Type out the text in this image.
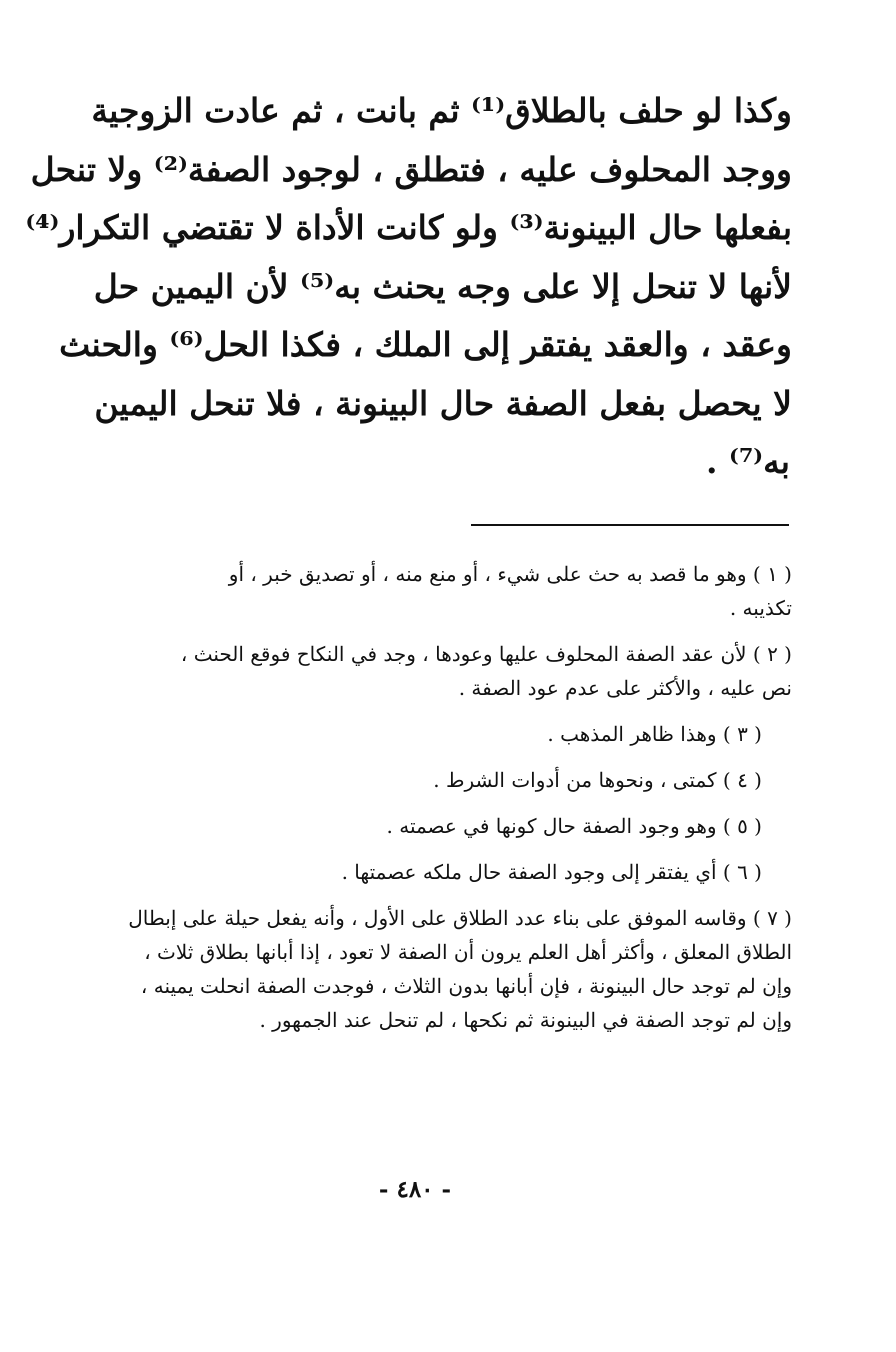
وكذا لو حلف بالطلاق⁽¹⁾ ثم بانت ، ثم عادت الزوجية
ووجد المحلوف عليه ، فتطلق ، لوجود الصفة⁽²⁾ ولا تنحل
بفعلها حال البينونة⁽³⁾ ولو كانت الأداة لا تقتضي التكرار⁽⁴⁾
لأنها لا تنحل إلا على وجه يحنث به⁽⁵⁾ لأن اليمين حل
وعقد ، والعقد يفتقر إلى الملك ، فكذا الحل⁽⁶⁾ والحنث
لا يحصل بفعل الصفة حال البينونة ، فلا تنحل اليمين
به⁽⁷⁾ .
( ١ ) وهو ما قصد به حث على شيء ، أو منع منه ، أو تصديق خبر ، أو
تكذيبه .
( ٢ ) لأن عقد الصفة المحلوف عليها وعودها ، وجد في النكاح فوقع الحنث ،
نص عليه ، والأكثر على عدم عود الصفة .
( ٣ ) وهذا ظاهر المذهب .
( ٤ ) كمتى ، ونحوها من أدوات الشرط .
( ٥ ) وهو وجود الصفة حال كونها في عصمته .
( ٦ ) أي يفتقر إلى وجود الصفة حال ملكه عصمتها .
( ٧ ) وقاسه الموفق على بناء عدد الطلاق على الأول ، وأنه يفعل حيلة على إبطال
الطلاق المعلق ، وأكثر أهل العلم يرون أن الصفة لا تعود ، إذا أبانها بطلاق ثلاث ،
وإن لم توجد حال البينونة ، فإن أبانها بدون الثلاث ، فوجدت الصفة انحلت يمينه ،
وإن لم توجد الصفة في البينونة ثم نكحها ، لم تنحل عند الجمهور .
- ٤٨٠ -
